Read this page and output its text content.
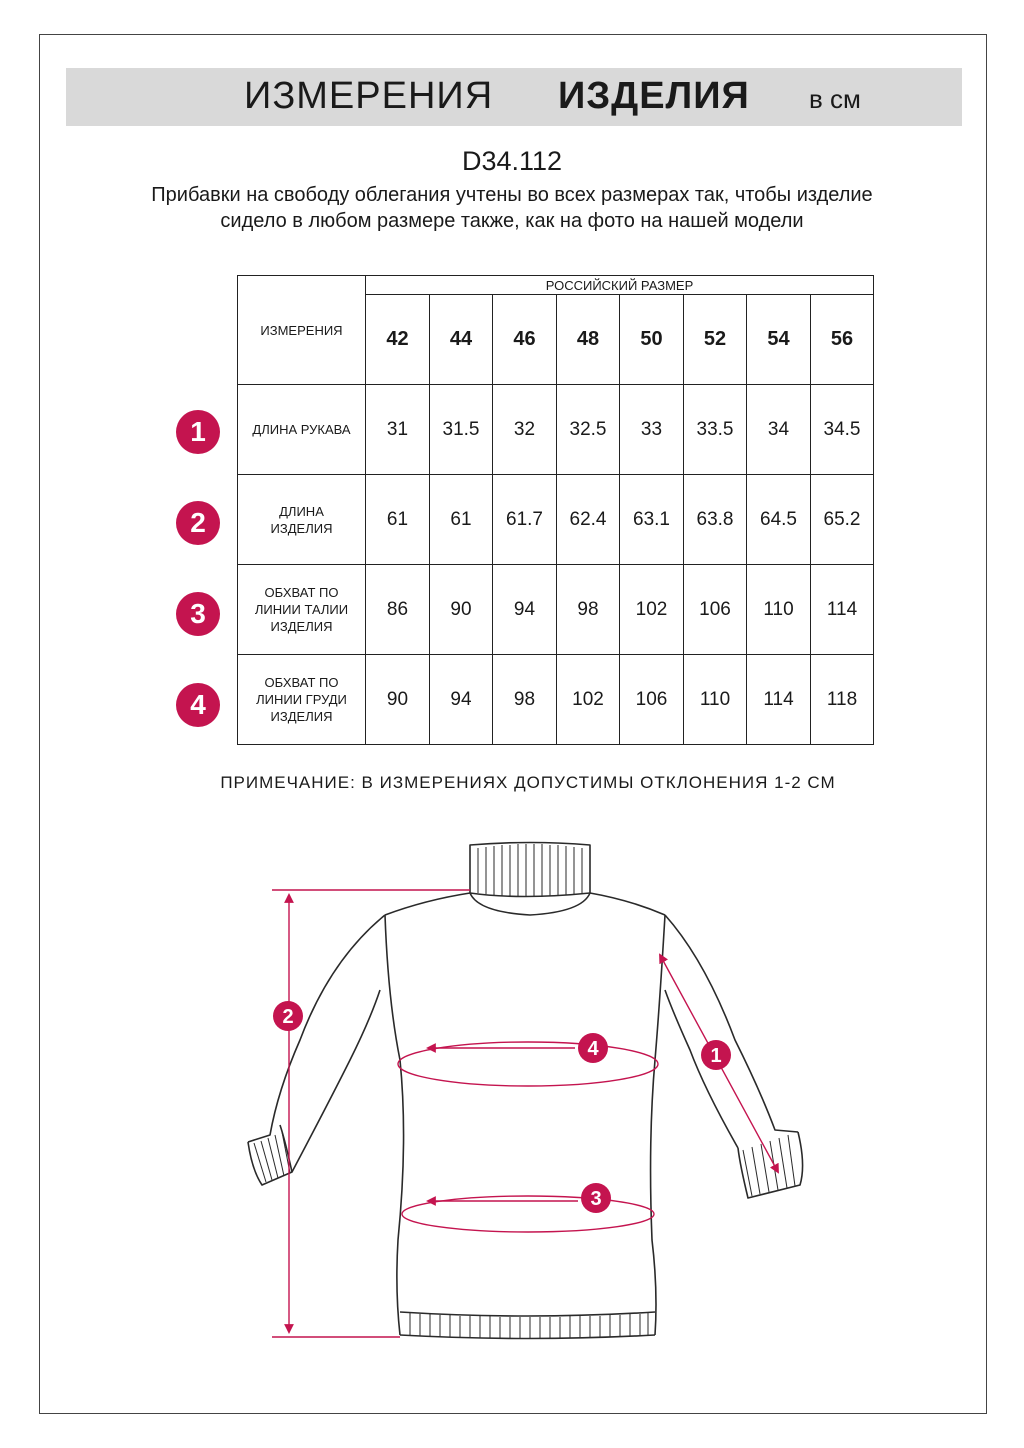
ИЗМЕРЕНИЯ ИЗДЕЛИЯ в см
D34.112
Прибавки на свободу облегания учтены во всех размерах так, чтобы изделие сидело в любом размере также, как на фото на нашей модели
ИЗМЕРЕНИЯ	РОССИЙСКИЙ РАЗМЕР							
	42	44	46	48	50	52	54	56
ДЛИНА РУКАВА	31	31.5	32	32.5	33	33.5	34	34.5
ДЛИНА ИЗДЕЛИЯ	61	61	61.7	62.4	63.1	63.8	64.5	65.2
ОБХВАТ ПО ЛИНИИ ТАЛИИ ИЗДЕЛИЯ	86	90	94	98	102	106	110	114
ОБХВАТ ПО ЛИНИИ ГРУДИ ИЗДЕЛИЯ	90	94	98	102	106	110	114	118
1
2
3
4
ПРИМЕЧАНИЕ: В ИЗМЕРЕНИЯХ ДОПУСТИМЫ ОТКЛОНЕНИЯ 1-2 СМ
2
4	1
3
